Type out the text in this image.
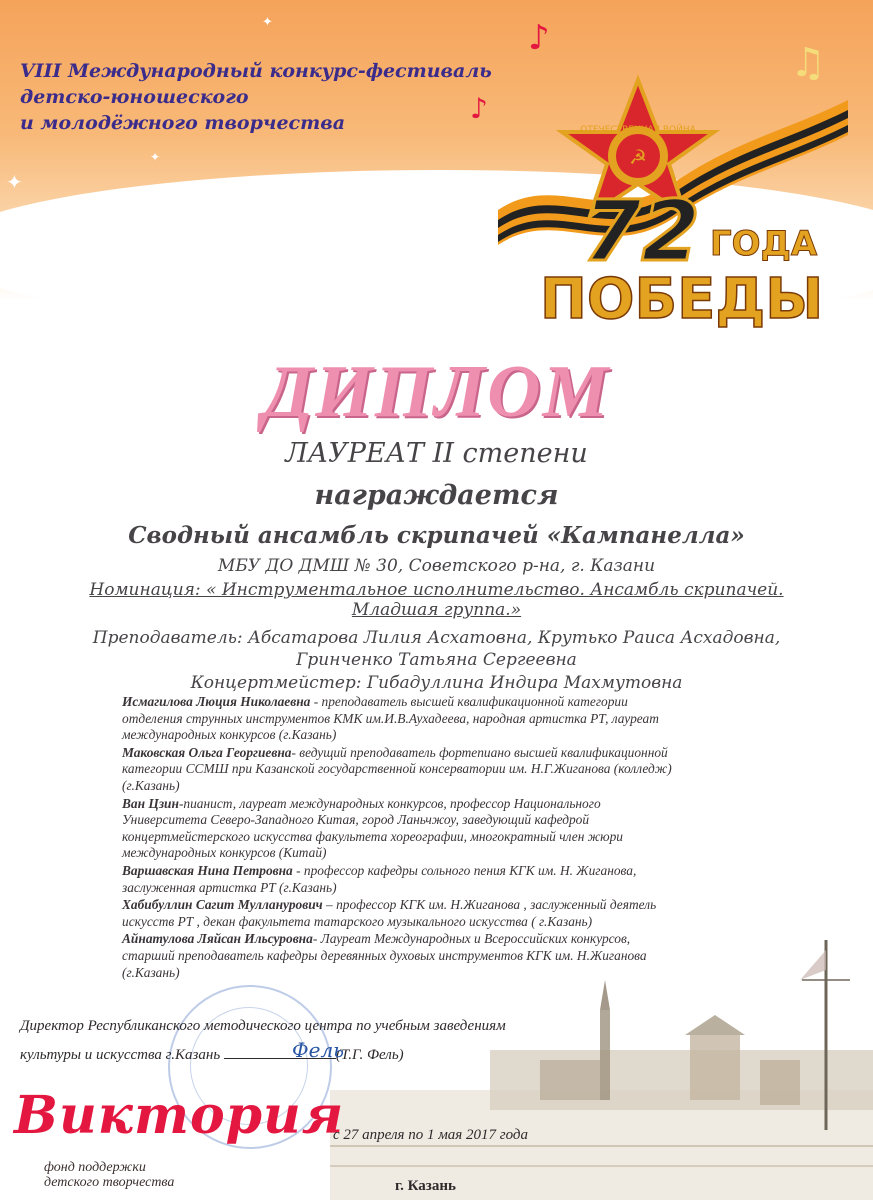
✦
✦
✦
✦
✦
✦
♪
♪
♫
VIII Международный конкурс-фестиваль
детско-юношеского
и молодёжного творчества
☭
ОТЕЧЕСТВЕННАЯ ВОЙНА
72 ГОДА
ПОБЕДЫ
ДИПЛОМ
ЛАУРЕАТ II степени
награждается
Сводный ансамбль скрипачей «Кампанелла»
МБУ ДО ДМШ № 30, Советского р-на, г. Казани
Номинация: « Инструментальное исполнительство. Ансамбль скрипачей.
Младшая группа.»
Преподаватель: Абсатарова Лилия Асхатовна, Крутько Раиса Асхадовна,
Гринченко Татьяна Сергеевна
Концертмейстер: Гибадуллина Индира Махмутовна
Исмагилова Люция Николаевна - преподаватель высшей квалификационной категории
отделения струнных инструментов КМК им.И.В.Аухадеева, народная артистка РТ, лауреат
международных конкурсов (г.Казань)
Маковская Ольга Георгиевна- ведущий преподаватель фортепиано высшей квалификационной
категории ССМШ при Казанской государственной консерватории им. Н.Г.Жиганова (колледж)
(г.Казань)
Ван Цзин-пианист, лауреат международных конкурсов, профессор Национального
Университета Северо-Западного Китая, город Ланьчжоу, заведующий кафедрой
концертмейстерского искусства факультета хореографии, многократный член жюри
международных конкурсов (Китай)
Варшавская Нина Петровна - профессор кафедры сольного пения КГК им. Н. Жиганова,
заслуженная артистка РТ (г.Казань)
Хабибуллин Сагит Мулланурович – профессор КГК им. Н.Жиганова , заслуженный деятель
искусств РТ , декан факультета татарского музыкального искусства ( г.Казань)
Айнатулова Ляйсан Ильсуровна- Лауреат Международных и Всероссийских конкурсов,
старший преподаватель кафедры деревянных духовых инструментов КГК им. Н.Жиганова
(г.Казань)
Директор Республиканского методического центра по учебным заведениям
культуры и искусства г.Казань	(Т.Г. Фель)
Фель
Виктория
фонд поддержки
детского творчества
с 27 апреля по 1 мая 2017 года
г. Казань
